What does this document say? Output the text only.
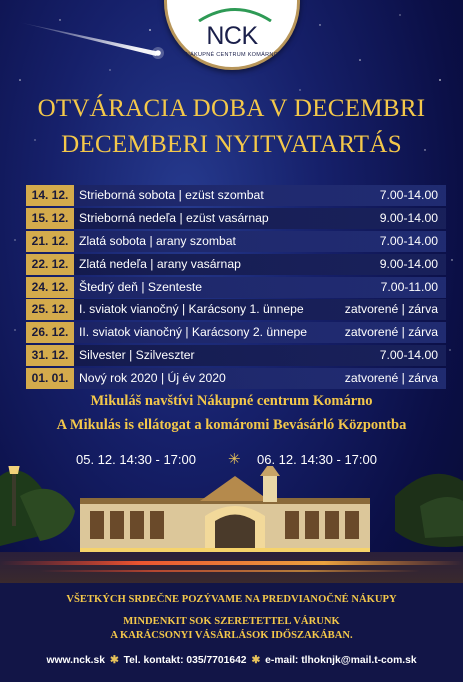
NCK
NÁKUPNÉ CENTRUM KOMÁRNO
OTVÁRACIA DOBA V DECEMBRI
DECEMBERI NYITVATARTÁS
14. 12. Strieborná sobota | ezüst szombat	7.00-14.00
15. 12. Strieborná nedeľa | ezüst vasárnap	9.00-14.00
21. 12. Zlatá sobota | arany szombat	7.00-14.00
22. 12. Zlatá nedeľa | arany vasárnap	9.00-14.00
24. 12. Štedrý deň | Szenteste	7.00-11.00
25. 12. I. sviatok vianočný | Karácsony 1. ünnepe	zatvorené | zárva
26. 12. II. sviatok vianočný | Karácsony 2. ünnepe	zatvorené | zárva
31. 12. Silvester | Szilveszter	7.00-14.00
01. 01. Nový rok 2020 | Új év 2020	zatvorené | zárva
Mikuláš navštívi Nákupné centrum Komárno
A Mikulás is ellátogat a komáromi Bevásárló Központba
05. 12. 14:30 - 17:00 ✳ 06. 12. 14:30 - 17:00
VŠETKÝCH SRDEČNE POZÝVAME NA PREDVIANOČNÉ NÁKUPY
MINDENKIT SOK SZERETETTEL VÁRUNK
A KARÁCSONYI VÁSÁRLÁSOK IDŐSZAKÁBAN.
www.nck.sk ✱ Tel. kontakt: 035/7701642 ✱ e-mail: tlhoknjk@mail.t-com.sk
